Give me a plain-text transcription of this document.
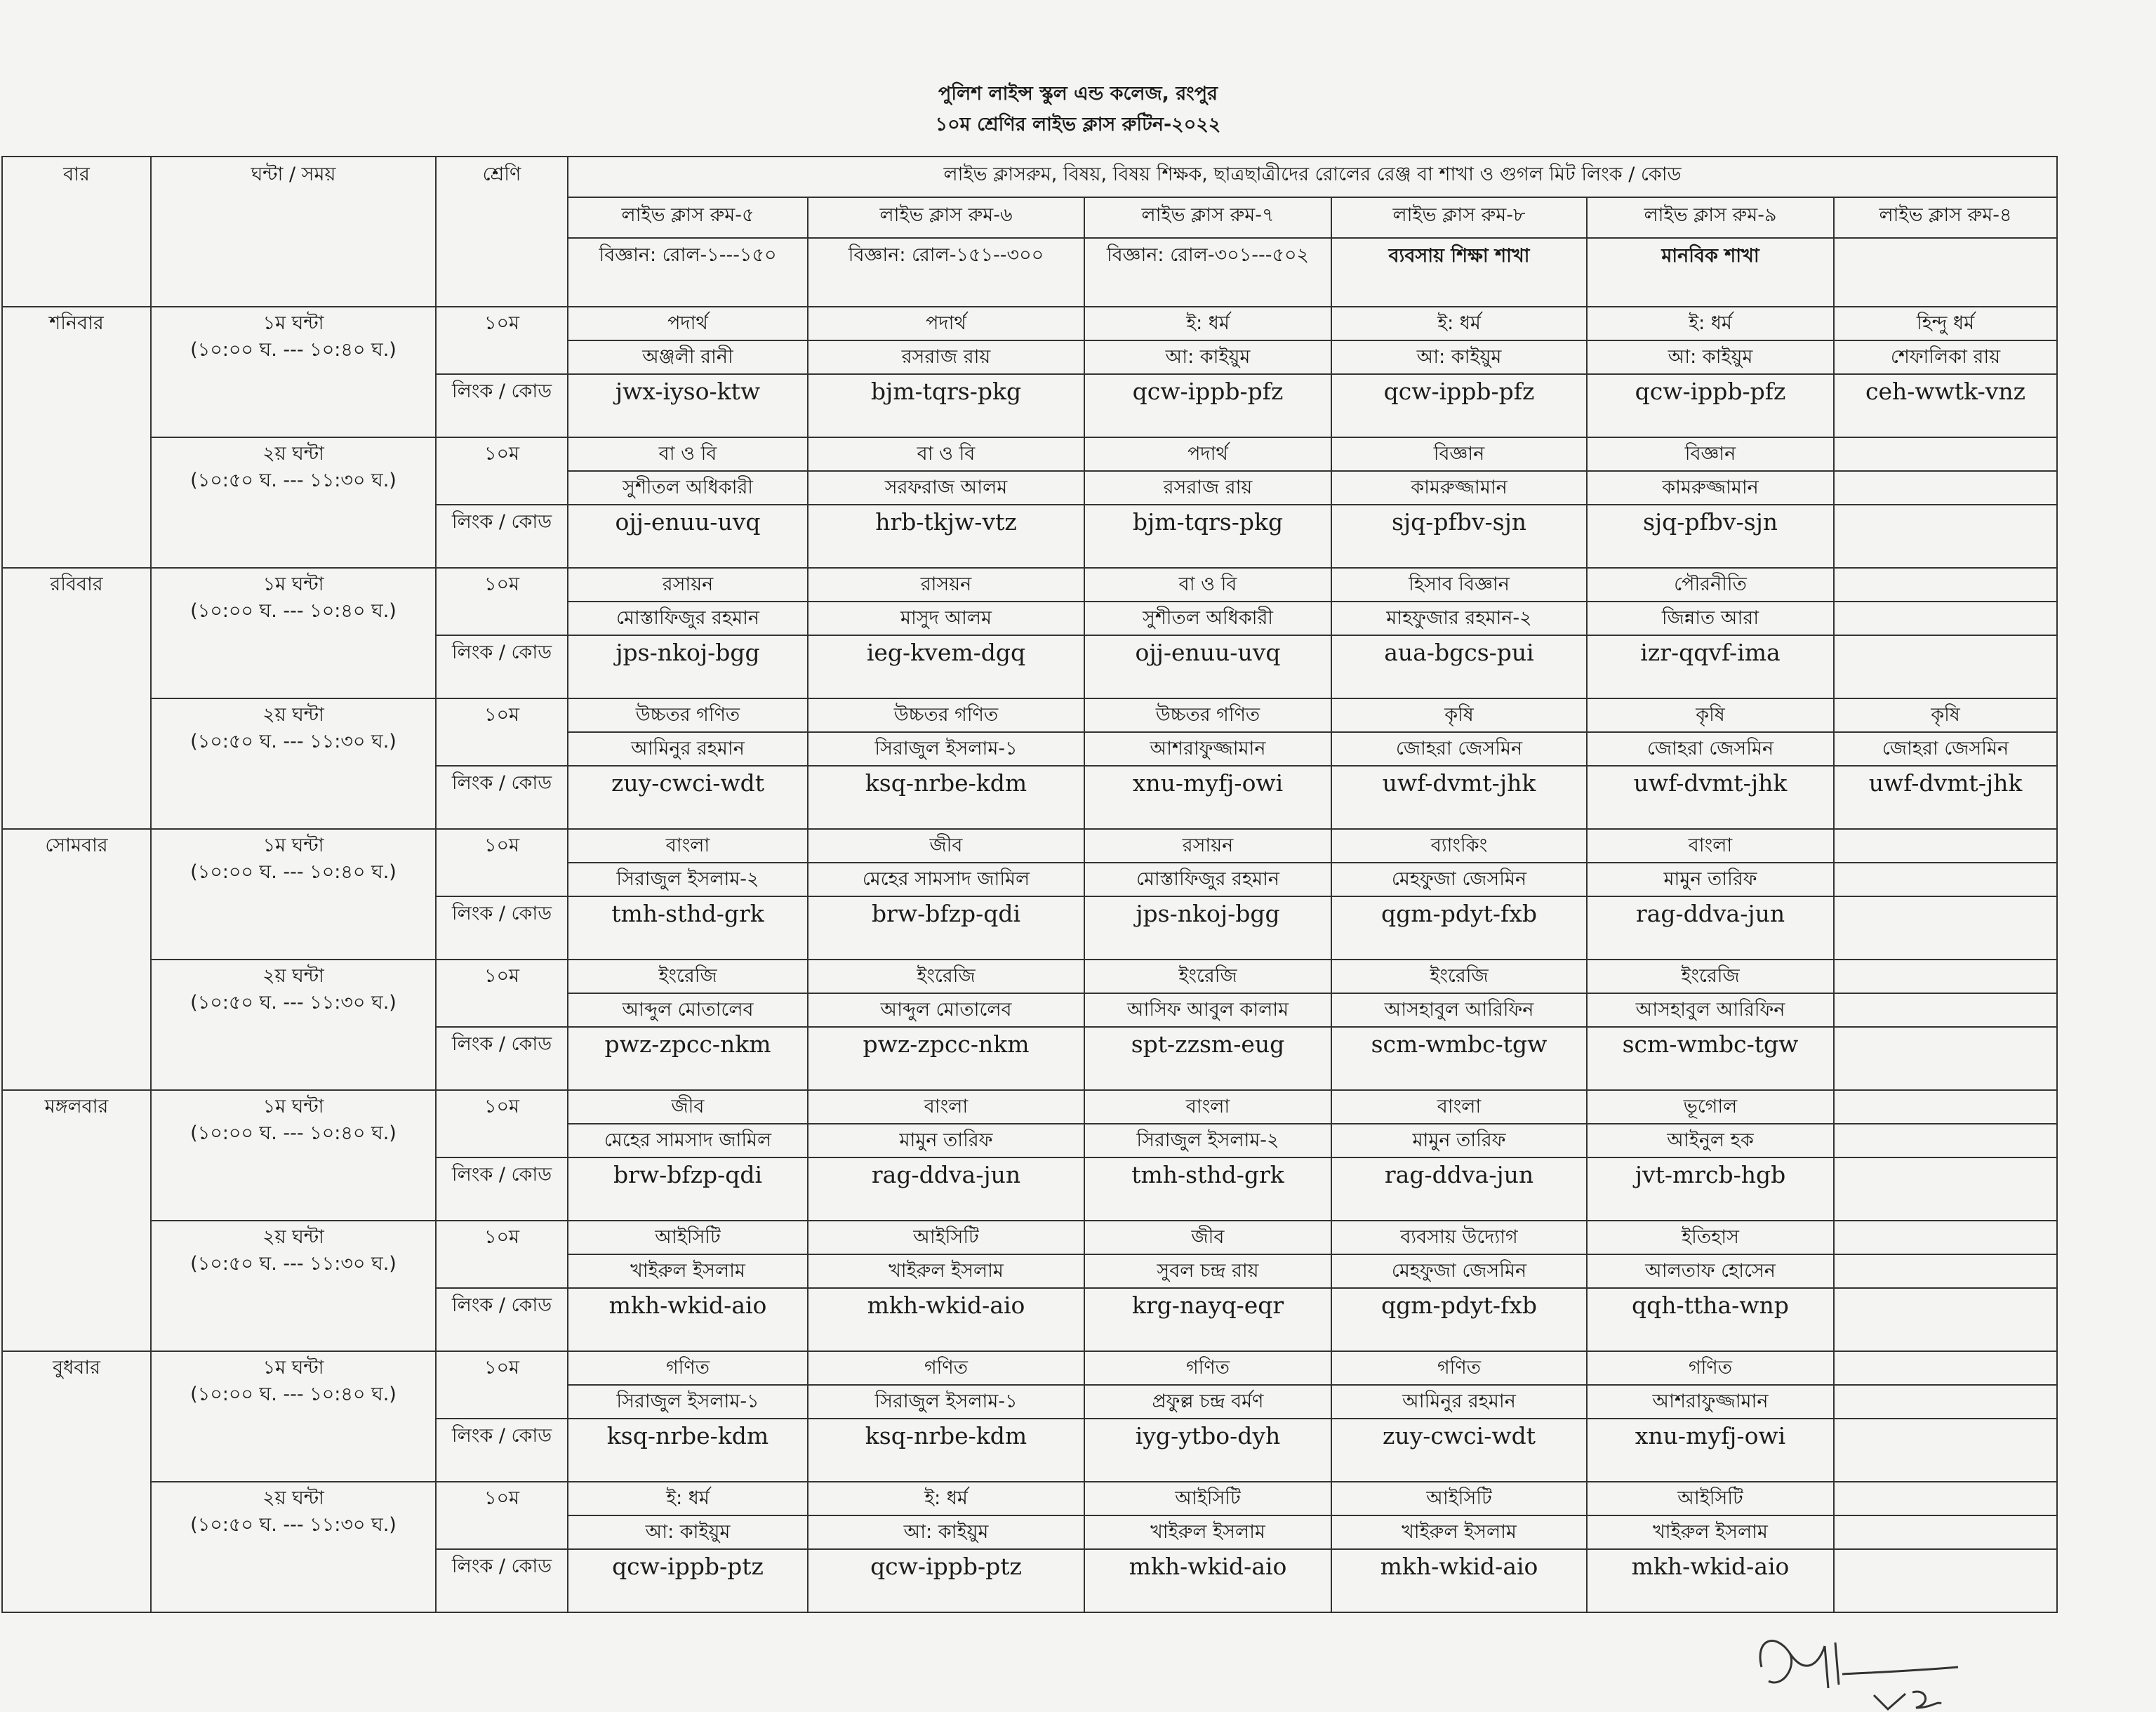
পুলিশ লাইন্স স্কুল এন্ড কলেজ, রংপুর
১০ম শ্রেণির লাইভ ক্লাস রুটিন-২০২২
বার	ঘন্টা / সময়	শ্রেণি	লাইভ ক্লাসরুম, বিষয়, বিষয় শিক্ষক, ছাত্রছাত্রীদের রোলের রেঞ্জ বা শাখা ও গুগল মিট লিংক / কোড					
			লাইভ ক্লাস রুম-৫	লাইভ ক্লাস রুম-৬	লাইভ ক্লাস রুম-৭	লাইভ ক্লাস রুম-৮	লাইভ ক্লাস রুম-৯	লাইভ ক্লাস রুম-৪
			বিজ্ঞান: রোল-১---১৫০	বিজ্ঞান: রোল-১৫১--৩০০	বিজ্ঞান: রোল-৩০১---৫০২	ব্যবসায় শিক্ষা শাখা	মানবিক শাখা	
শনিবার	১ম ঘন্টা
(১০:০০ ঘ. --- ১০:৪০ ঘ.)	১০ম	পদার্থ	পদার্থ	ই: ধর্ম	ই: ধর্ম	ই: ধর্ম	হিন্দু ধর্ম
			অঞ্জলী রানী	রসরাজ রায়	আ: কাইয়ুম	আ: কাইয়ুম	আ: কাইয়ুম	শেফালিকা রায়
		লিংক / কোড	jwx-iyso-ktw	bjm-tqrs-pkg	qcw-ippb-pfz	qcw-ippb-pfz	qcw-ippb-pfz	ceh-wwtk-vnz

	২য় ঘন্টা
(১০:৫০ ঘ. --- ১১:৩০ ঘ.)	১০ম	বা ও বি	বা ও বি	পদার্থ	বিজ্ঞান	বিজ্ঞান	
			সুশীতল অধিকারী	সরফরাজ আলম	রসরাজ রায়	কামরুজ্জামান	কামরুজ্জামান	
		লিংক / কোড	ojj-enuu-uvq	hrb-tkjw-vtz	bjm-tqrs-pkg	sjq-pfbv-sjn	sjq-pfbv-sjn	
রবিবার	১ম ঘন্টা
(১০:০০ ঘ. --- ১০:৪০ ঘ.)	১০ম	রসায়ন	রাসয়ন	বা ও বি	হিসাব বিজ্ঞান	পৌরনীতি	
			মোস্তাফিজুর রহমান	মাসুদ আলম	সুশীতল অধিকারী	মাহফুজার রহমান-২	জিন্নাত আরা	
		লিংক / কোড	jps-nkoj-bgg	ieg-kvem-dgq	ojj-enuu-uvq	aua-bgcs-pui	izr-qqvf-ima	

	২য় ঘন্টা
(১০:৫০ ঘ. --- ১১:৩০ ঘ.)	১০ম	উচ্চতর গণিত	উচ্চতর গণিত	উচ্চতর গণিত	কৃষি	কৃষি	কৃষি
			আমিনুর রহমান	সিরাজুল ইসলাম-১	আশরাফুজ্জামান	জোহরা জেসমিন	জোহরা জেসমিন	জোহরা জেসমিন
		লিংক / কোড	zuy-cwci-wdt	ksq-nrbe-kdm	xnu-myfj-owi	uwf-dvmt-jhk	uwf-dvmt-jhk	uwf-dvmt-jhk
সোমবার	১ম ঘন্টা
(১০:০০ ঘ. --- ১০:৪০ ঘ.)	১০ম	বাংলা	জীব	রসায়ন	ব্যাংকিং	বাংলা	
			সিরাজুল ইসলাম-২	মেহের সামসাদ জামিল	মোস্তাফিজুর রহমান	মেহফুজা জেসমিন	মামুন তারিফ	
		লিংক / কোড	tmh-sthd-grk	brw-bfzp-qdi	jps-nkoj-bgg	qgm-pdyt-fxb	rag-ddva-jun	

	২য় ঘন্টা
(১০:৫০ ঘ. --- ১১:৩০ ঘ.)	১০ম	ইংরেজি	ইংরেজি	ইংরেজি	ইংরেজি	ইংরেজি	
			আব্দুল মোতালেব	আব্দুল মোতালেব	আসিফ আবুল কালাম	আসহাবুল আরিফিন	আসহাবুল আরিফিন	
		লিংক / কোড	pwz-zpcc-nkm	pwz-zpcc-nkm	spt-zzsm-eug	scm-wmbc-tgw	scm-wmbc-tgw	
মঙ্গলবার	১ম ঘন্টা
(১০:০০ ঘ. --- ১০:৪০ ঘ.)	১০ম	জীব	বাংলা	বাংলা	বাংলা	ভূগোল	
			মেহের সামসাদ জামিল	মামুন তারিফ	সিরাজুল ইসলাম-২	মামুন তারিফ	আইনুল হক	
		লিংক / কোড	brw-bfzp-qdi	rag-ddva-jun	tmh-sthd-grk	rag-ddva-jun	jvt-mrcb-hgb	

	২য় ঘন্টা
(১০:৫০ ঘ. --- ১১:৩০ ঘ.)	১০ম	আইসিটি	আইসিটি	জীব	ব্যবসায় উদ্যোগ	ইতিহাস	
			খাইরুল ইসলাম	খাইরুল ইসলাম	সুবল চন্দ্র রায়	মেহফুজা জেসমিন	আলতাফ হোসেন	
		লিংক / কোড	mkh-wkid-aio	mkh-wkid-aio	krg-nayq-eqr	qgm-pdyt-fxb	qqh-ttha-wnp	
বুধবার	১ম ঘন্টা
(১০:০০ ঘ. --- ১০:৪০ ঘ.)	১০ম	গণিত	গণিত	গণিত	গণিত	গণিত	
			সিরাজুল ইসলাম-১	সিরাজুল ইসলাম-১	প্রফুল্ল চন্দ্র বর্মণ	আমিনুর রহমান	আশরাফুজ্জামান	
		লিংক / কোড	ksq-nrbe-kdm	ksq-nrbe-kdm	iyg-ytbo-dyh	zuy-cwci-wdt	xnu-myfj-owi	

	২য় ঘন্টা
(১০:৫০ ঘ. --- ১১:৩০ ঘ.)	১০ম	ই: ধর্ম	ই: ধর্ম	আইসিটি	আইসিটি	আইসিটি	
			আ: কাইয়ুম	আ: কাইয়ুম	খাইরুল ইসলাম	খাইরুল ইসলাম	খাইরুল ইসলাম	
		লিংক / কোড	qcw-ippb-ptz	qcw-ippb-ptz	mkh-wkid-aio	mkh-wkid-aio	mkh-wkid-aio	
